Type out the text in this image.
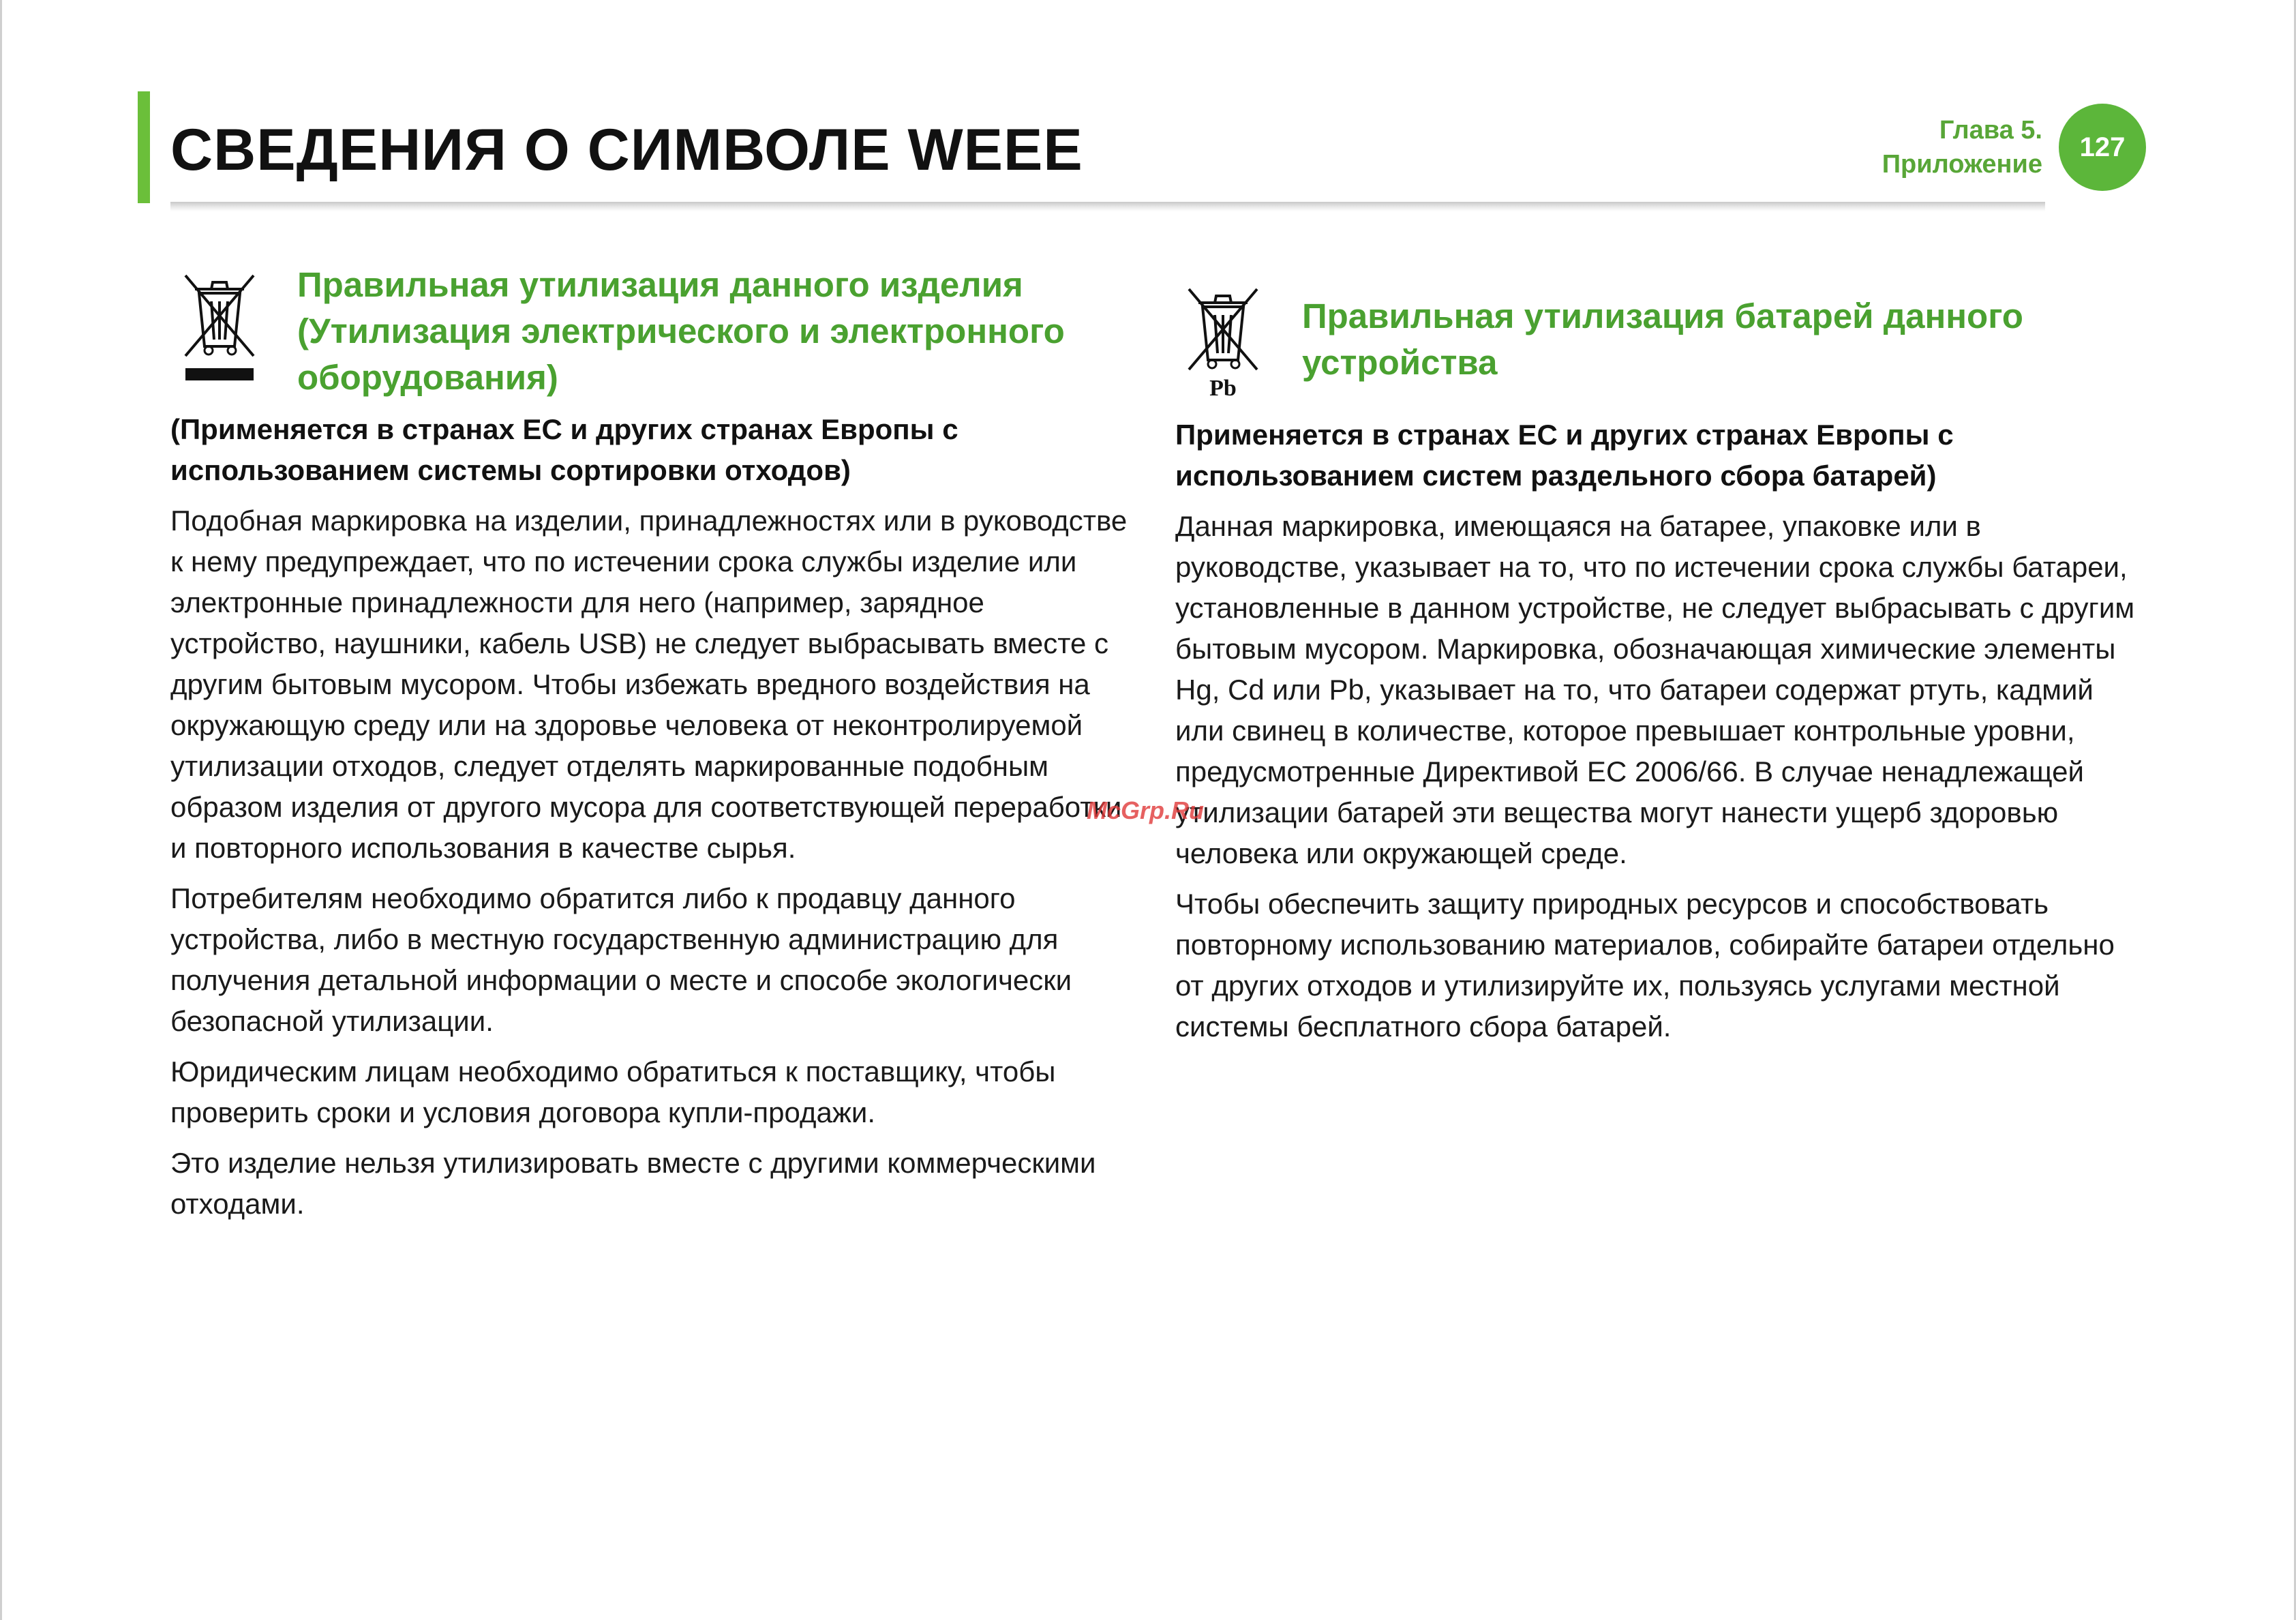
СВЕДЕНИЯ О СИМВОЛЕ WEEE	Глава 5.
Приложение
127
Правильная утилизация данного изделия (Утилизация электрического и электронного оборудования)

(Применяется в странах ЕС и других странах Европы с использованием системы сортировки отходов)

Подобная маркировка на изделии, принадлежностях или в руководстве к нему предупреждает, что по истечении срока службы изделие или электронные принадлежности для него (например, зарядное устройство, наушники, кабель USB) не следует выбрасывать вместе с другим бытовым мусором. Чтобы избежать вредного воздействия на окружающую среду или на здоровье человека от неконтролируемой утилизации отходов, следует отделять маркированные подобным образом изделия от другого мусора для соответствующей переработки и повторного использования в качестве сырья.

Потребителям необходимо обратится либо к продавцу данного устройства, либо в местную государственную администрацию для получения детальной информации о месте и способе экологически безопасной утилизации.

Юридическим лицам необходимо обратиться к поставщику, чтобы проверить сроки и условия договора купли-продажи.

Это изделие нельзя утилизировать вместе с другими коммерческими отходами.

Pb
Правильная утилизация батарей данного устройства

Применяется в странах ЕС и других странах Европы с использованием систем раздельного сбора батарей)

Данная маркировка, имеющаяся на батарее, упаковке или в руководстве, указывает на то, что по истечении срока службы батареи, установленные в данном устройстве, не следует выбрасывать с другим бытовым мусором. Маркировка, обозначающая химические элементы Hg, Cd или Pb, указывает на то, что батареи содержат ртуть, кадмий или свинец в количестве, которое превышает контрольные уровни, предусмотренные Директивой ЕС 2006/66. В случае ненадлежащей утилизации батарей эти вещества могут нанести ущерб здоровью человека или окружающей среде.

Чтобы обеспечить защиту природных ресурсов и способствовать повторному использованию материалов, собирайте батареи отдельно от других отходов и утилизируйте их, пользуясь услугами местной системы бесплатного сбора батарей.

McGrp.Ru
